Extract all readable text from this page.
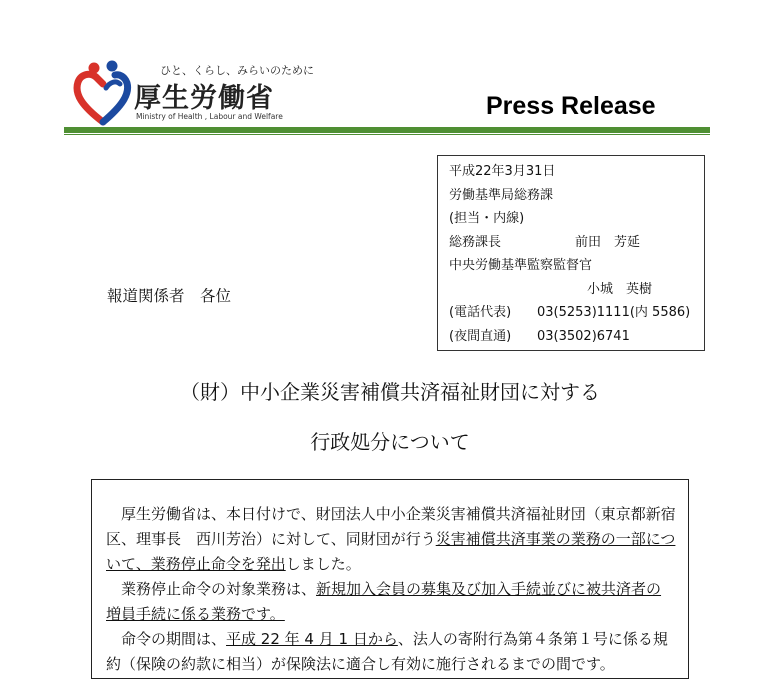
ひと、くらし、みらいのために
厚生労働省
Ministry of Health , Labour and Welfare	Press Release
平成22年3月31日
労働基準局総務課
(担当・内線)
総務課長	前田　芳延
中央労働基準監察監督官
小城　英樹
(電話代表) 03(5253)1111(内 5586)
(夜間直通) 03(3502)6741
報道関係者　各位
（財）中小企業災害補償共済福祉財団に対する
行政処分について

　厚生労働省は、本日付けで、財団法人中小企業災害補償共済福祉財団（東京都新宿区、理事長　西川芳治）に対して、同財団が行う災害補償共済事業の業務の一部について、業務停止命令を発出しました。

　業務停止命令の対象業務は、新規加入会員の募集及び加入手続並びに被共済者の増員手続に係る業務です。

　命令の期間は、平成 22 年 4 月 1 日から、法人の寄附行為第４条第１号に係る規約（保険の約款に相当）が保険法に適合し有効に施行されるまでの間です。
